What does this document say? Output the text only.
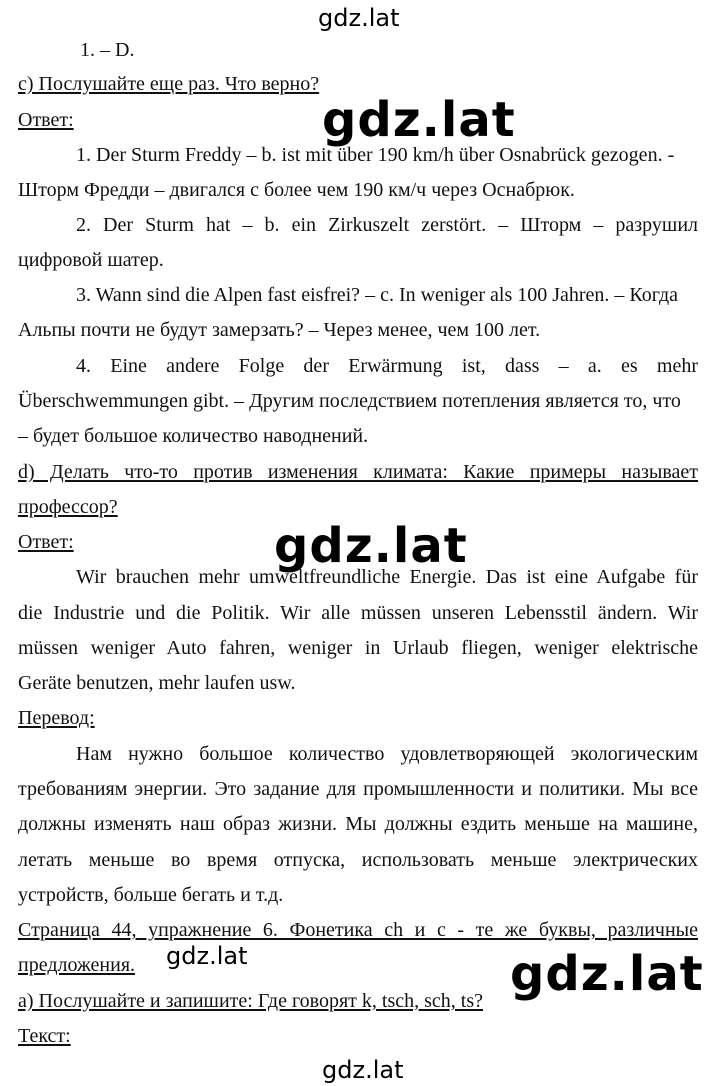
gdz.lat
1. – D.
c) Послушайте еще раз. Что верно?
Ответ:	gdz.lat
1. Der Sturm Freddy – b. ist mit über 190 km/h über Osnabrück gezogen. -
Шторм Фредди – двигался с более чем 190 км/ч через Оснабрюк.
2. Der Sturm hat – b. ein Zirkuszelt zerstört. – Шторм – разрушил
цифровой шатер.
3. Wann sind die Alpen fast eisfrei? – c. In weniger als 100 Jahren. – Когда
Альпы почти не будут замерзать? – Через менее, чем 100 лет.
4. Eine andere Folge der Erwärmung ist, dass – a. es mehr
Überschwemmungen gibt. – Другим последствием потепления является то, что
– будет большое количество наводнений.
d) Делать что-то против изменения климата: Какие примеры называет
профессор?
gdz.lat
Ответ:
Wir brauchen mehr umweltfreundliche Energie. Das ist eine Aufgabe für
die Industrie und die Politik. Wir alle müssen unseren Lebensstil ändern. Wir
müssen weniger Auto fahren, weniger in Urlaub fliegen, weniger elektrische
Geräte benutzen, mehr laufen usw.
Перевод:
Нам нужно большое количество удовлетворяющей экологическим
требованиям энергии. Это задание для промышленности и политики. Мы все
должны изменять наш образ жизни. Мы должны ездить меньше на машине,
летать меньше во время отпуска, использовать меньше электрических
устройств, больше бегать и т.д.
Страница 44, упражнение 6. Фонетика ch и c - те же буквы, различные
предложения. gdz.lat	gdz.lat
a) Послушайте и запишите: Где говорят k, tsch, sch, ts?
Текст:
gdz.lat
